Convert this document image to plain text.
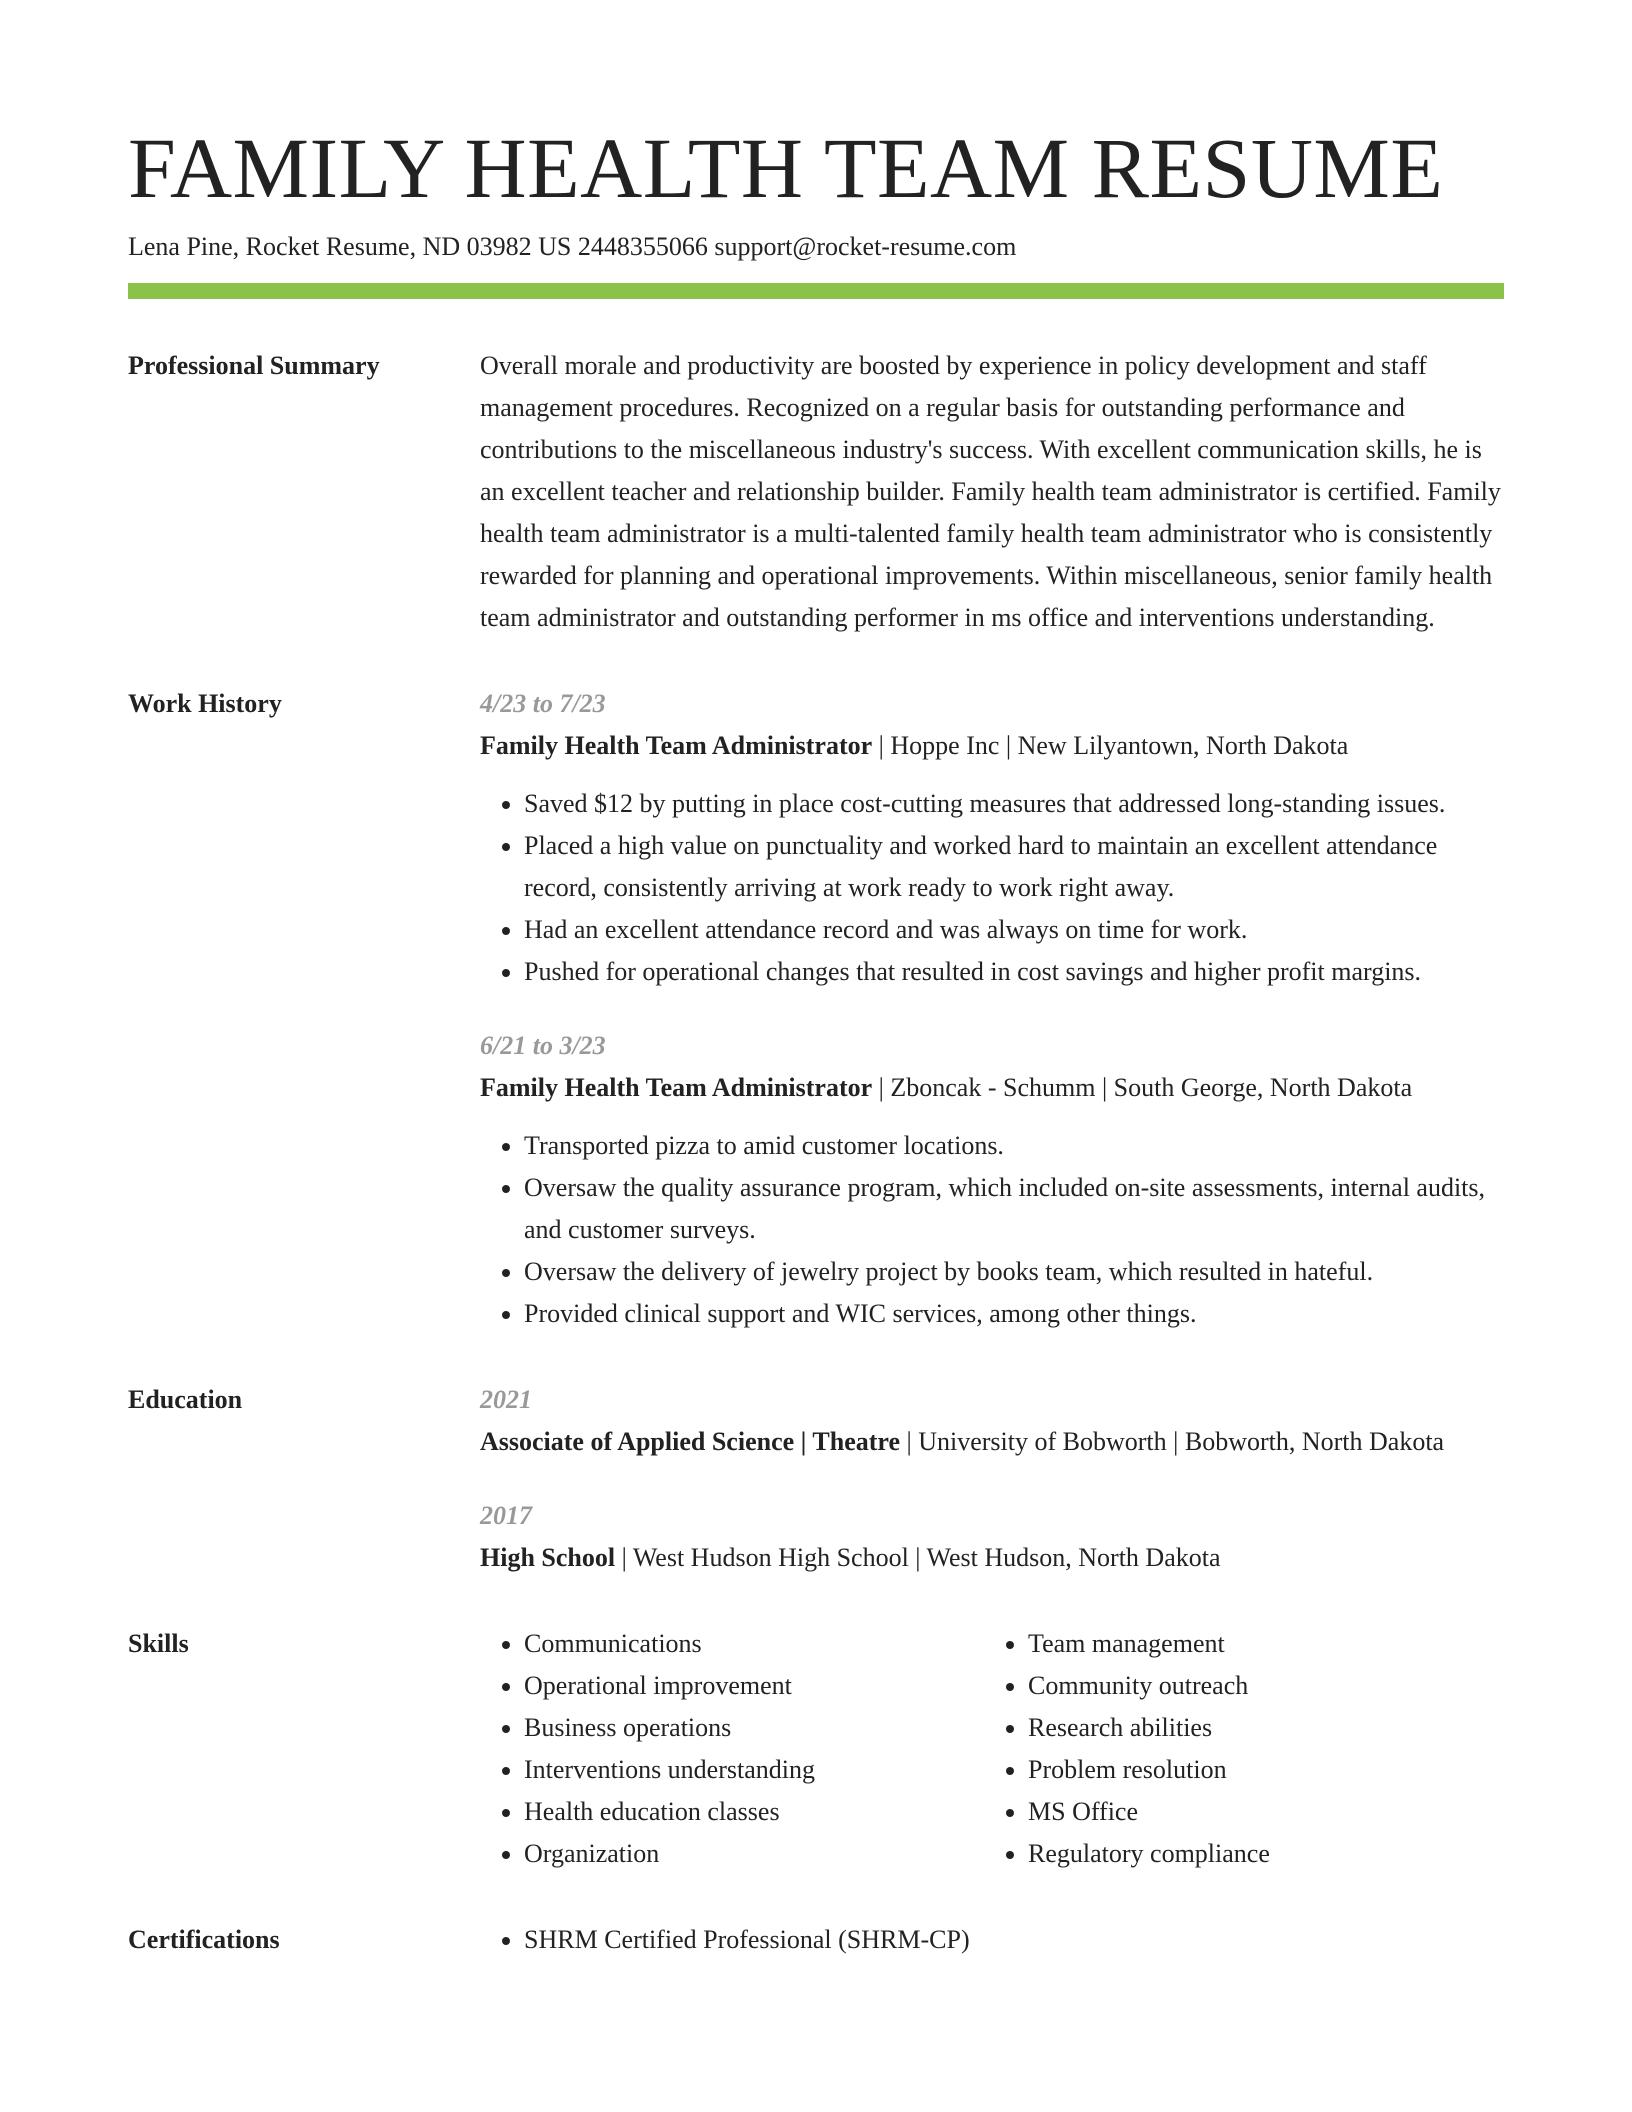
FAMILY HEALTH TEAM RESUME
Lena Pine, Rocket Resume, ND 03982 US 2448355066 support@rocket-resume.com
Professional Summary	Overall morale and productivity are boosted by experience in policy development and staff management procedures. Recognized on a regular basis for outstanding performance and contributions to the miscellaneous industry's success. With excellent communication skills, he is an excellent teacher and relationship builder. Family health team administrator is certified. Family health team administrator is a multi-talented family health team administrator who is consistently rewarded for planning and operational improvements. Within miscellaneous, senior family health team administrator and outstanding performer in ms office and interventions understanding.

Work History	4/23 to 7/23
Family Health Team Administrator | Hoppe Inc | New Lilyantown, North Dakota
• Saved $12 by putting in place cost-cutting measures that addressed long-standing issues.
• Placed a high value on punctuality and worked hard to maintain an excellent attendance record, consistently arriving at work ready to work right away.
• Had an excellent attendance record and was always on time for work.
• Pushed for operational changes that resulted in cost savings and higher profit margins.
6/21 to 3/23
Family Health Team Administrator | Zboncak - Schumm | South George, North Dakota
• Transported pizza to amid customer locations.
• Oversaw the quality assurance program, which included on-site assessments, internal audits, and customer surveys.
• Oversaw the delivery of jewelry project by books team, which resulted in hateful.
• Provided clinical support and WIC services, among other things.
Education	2021
Associate of Applied Science | Theatre | University of Bobworth | Bobworth, North Dakota
2017
High School | West Hudson High School | West Hudson, North Dakota
Skills	• Communications
• Operational improvement
• Business operations
• Interventions understanding
• Health education classes
• Organization
• Team management
• Community outreach
• Research abilities
• Problem resolution
• MS Office
• Regulatory compliance
Certifications	• SHRM Certified Professional (SHRM-CP)
